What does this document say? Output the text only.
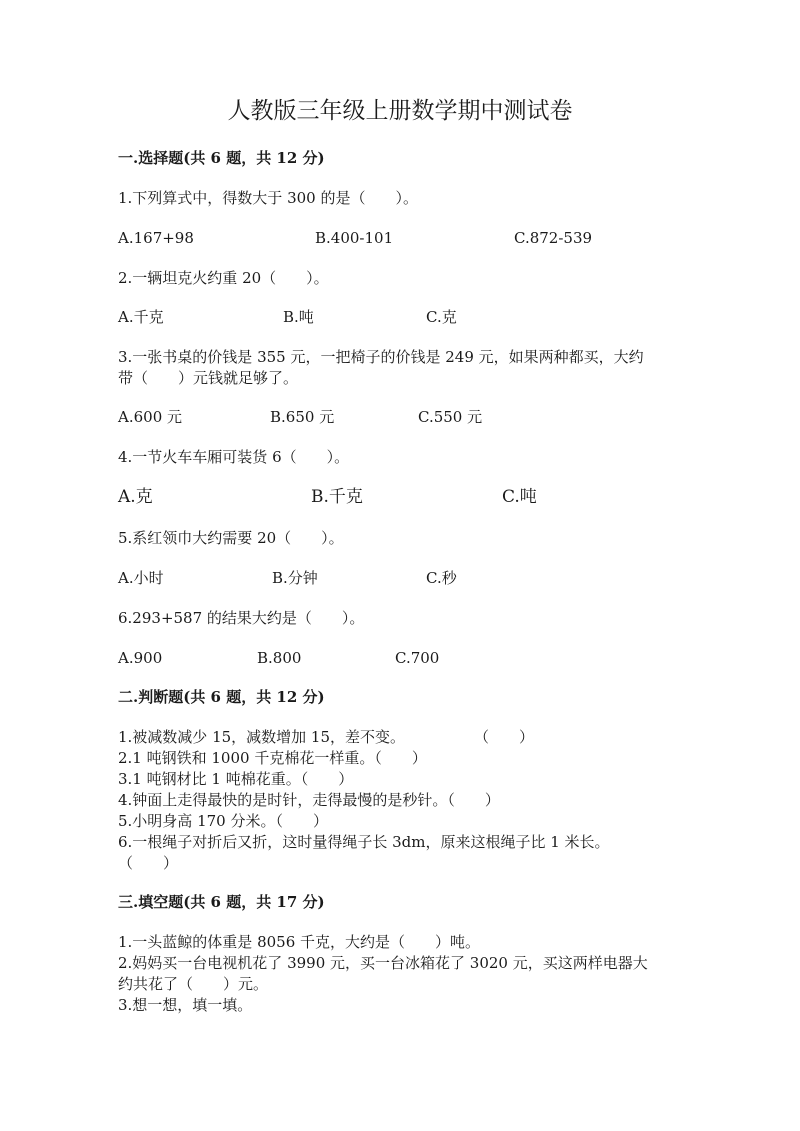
人教版三年级上册数学期中测试卷
一.选择题(共 6 题，共 12 分)
1.下列算式中，得数大于 300 的是（　　）。
A.167+98	B.400-101	C.872-539
2.一辆坦克火约重 20（　　）。
A.千克	B.吨	C.克
3.一张书桌的价钱是 355 元，一把椅子的价钱是 249 元，如果两种都买，大约
带（　　）元钱就足够了。
A.600 元	B.650 元	C.550 元
4.一节火车车厢可装货 6（　　）。
A.克	B.千克	C.吨
5.系红领巾大约需要 20（　　）。
A.小时	B.分钟	C.秒
6.293+587 的结果大约是（　　）。
A.900	B.800	C.700
二.判断题(共 6 题，共 12 分)
1.被减数减少 15，减数增加 15，差不变。	（　　）
2.1 吨钢铁和 1000 千克棉花一样重。（　　）
3.1 吨钢材比 1 吨棉花重。（　　）
4.钟面上走得最快的是时针，走得最慢的是秒针。（　　）
5.小明身高 170 分米。（　　）
6.一根绳子对折后又折，这时量得绳子长 3dm，原来这根绳子比 1 米长。
（　　）
三.填空题(共 6 题，共 17 分)
1.一头蓝鲸的体重是 8056 千克，大约是（　　）吨。
2.妈妈买一台电视机花了 3990 元，买一台冰箱花了 3020 元，买这两样电器大
约共花了（　　）元。
3.想一想，填一填。
